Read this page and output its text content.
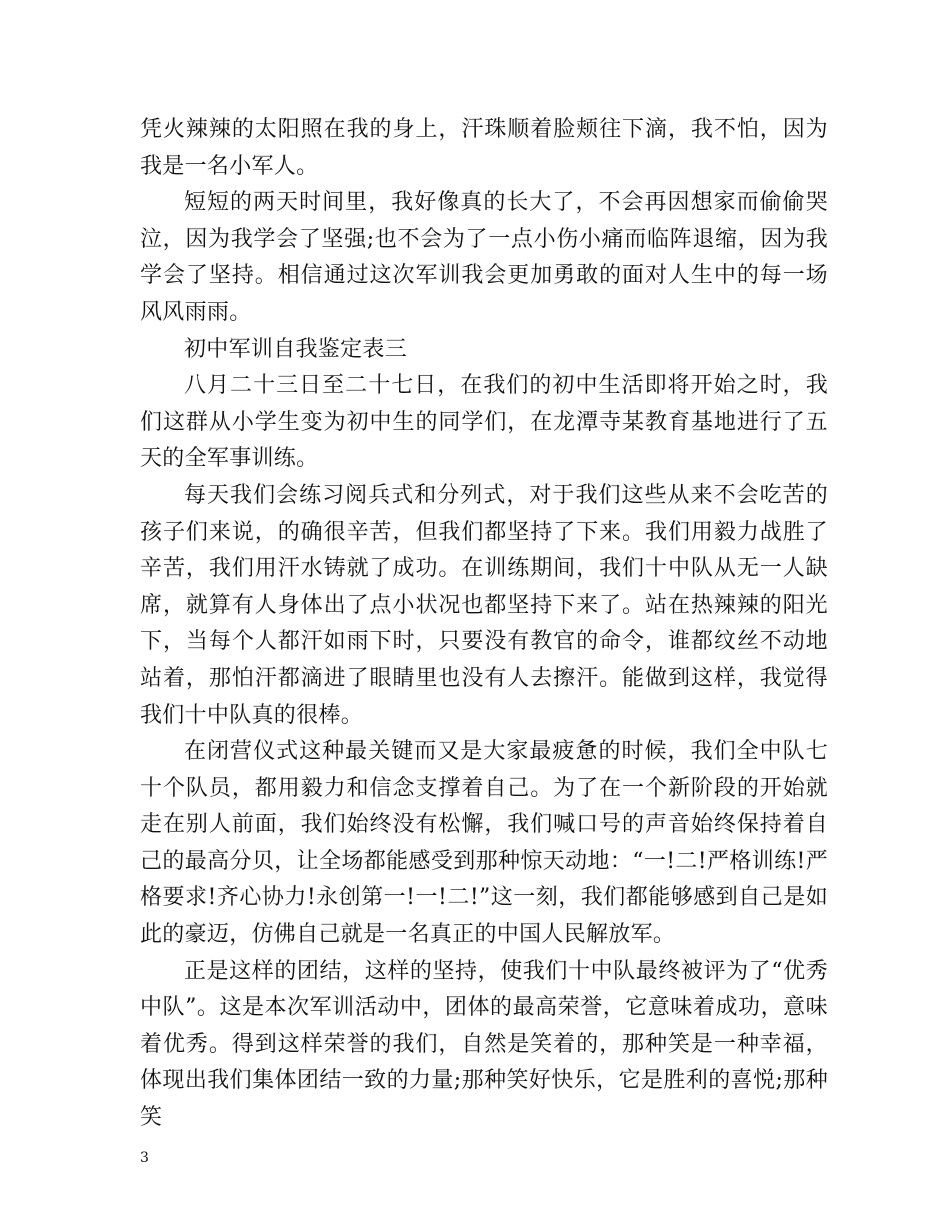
凭火辣辣的太阳照在我的身上，汗珠顺着脸颊往下滴，我不怕，因为我是一名小军人。

短短的两天时间里，我好像真的长大了，不会再因想家而偷偷哭泣，因为我学会了坚强;也不会为了一点小伤小痛而临阵退缩，因为我学会了坚持。相信通过这次军训我会更加勇敢的面对人生中的每一场风风雨雨。

初中军训自我鉴定表三

八月二十三日至二十七日，在我们的初中生活即将开始之时，我们这群从小学生变为初中生的同学们，在龙潭寺某教育基地进行了五天的全军事训练。

每天我们会练习阅兵式和分列式，对于我们这些从来不会吃苦的孩子们来说，的确很辛苦，但我们都坚持了下来。我们用毅力战胜了辛苦，我们用汗水铸就了成功。在训练期间，我们十中队从无一人缺席，就算有人身体出了点小状况也都坚持下来了。站在热辣辣的阳光下，当每个人都汗如雨下时，只要没有教官的命令，谁都纹丝不动地站着，那怕汗都滴进了眼睛里也没有人去擦汗。能做到这样，我觉得我们十中队真的很棒。

在闭营仪式这种最关键而又是大家最疲惫的时候，我们全中队七十个队员，都用毅力和信念支撑着自己。为了在一个新阶段的开始就走在别人前面，我们始终没有松懈，我们喊口号的声音始终保持着自己的最高分贝，让全场都能感受到那种惊天动地：“一!二!严格训练!严格要求!齐心协力!永创第一!一!二!”这一刻，我们都能够感到自己是如此的豪迈，仿佛自己就是一名真正的中国人民解放军。

正是这样的团结，这样的坚持，使我们十中队最终被评为了“优秀中队”。这是本次军训活动中，团体的最高荣誉，它意味着成功，意味着优秀。得到这样荣誉的我们，自然是笑着的，那种笑是一种幸福，体现出我们集体团结一致的力量;那种笑好快乐，它是胜利的喜悦;那种笑

3
